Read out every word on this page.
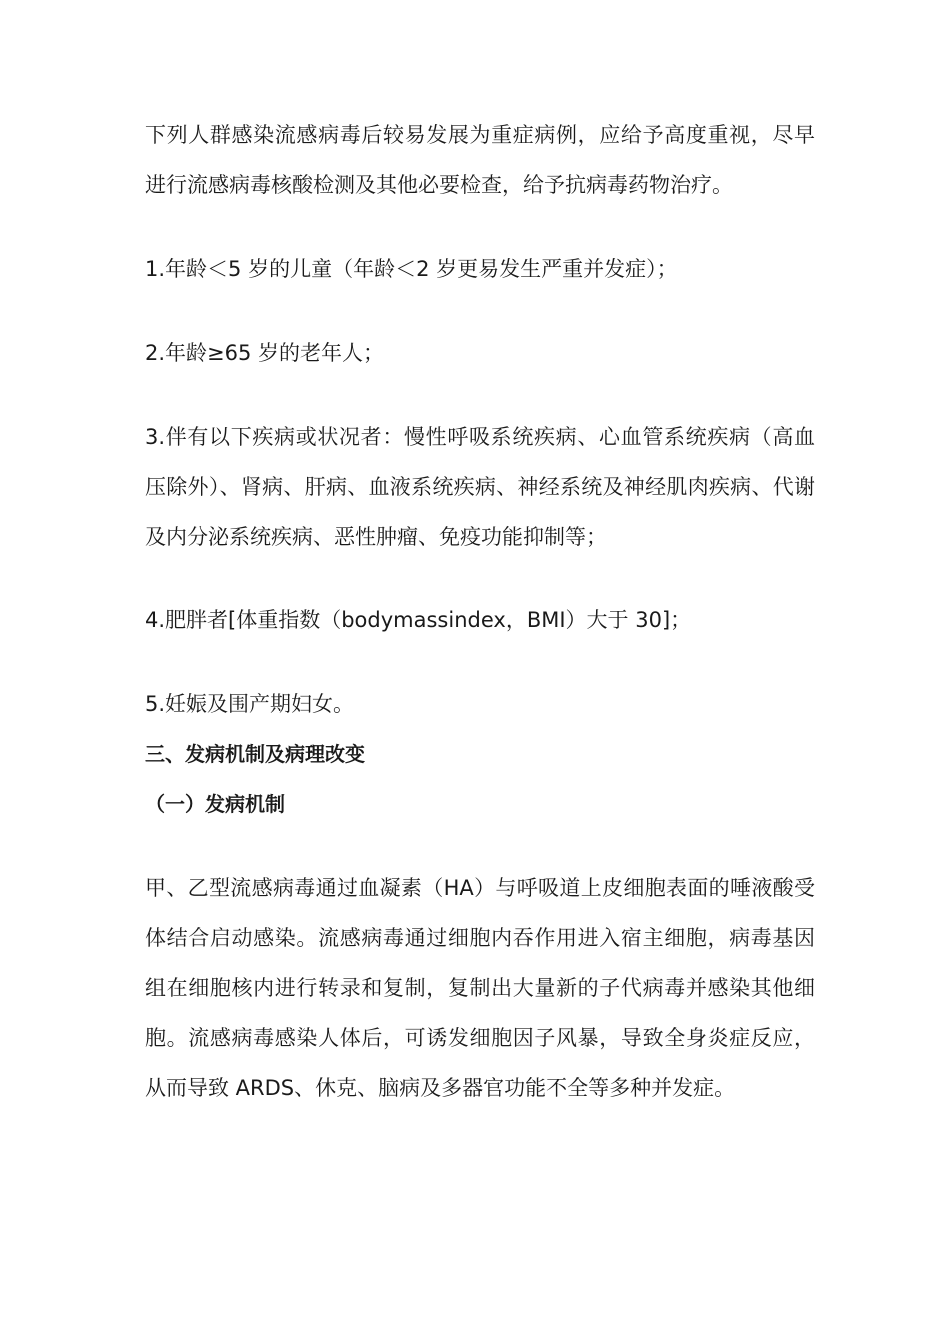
下列人群感染流感病毒后较易发展为重症病例，应给予高度重视，尽早进行流感病毒核酸检测及其他必要检查，给予抗病毒药物治疗。

1.年龄＜5 岁的儿童（年龄＜2 岁更易发生严重并发症）；

2.年龄≥65 岁的老年人；

3.伴有以下疾病或状况者：慢性呼吸系统疾病、心血管系统疾病（高血压除外）、肾病、肝病、血液系统疾病、神经系统及神经肌肉疾病、代谢及内分泌系统疾病、恶性肿瘤、免疫功能抑制等；

4.肥胖者[体重指数（bodymassindex，BMI）大于 30]；

5.妊娠及围产期妇女。

三、发病机制及病理改变
（一）发病机制

甲、乙型流感病毒通过血凝素（HA）与呼吸道上皮细胞表面的唾液酸受体结合启动感染。流感病毒通过细胞内吞作用进入宿主细胞，病毒基因组在细胞核内进行转录和复制，复制出大量新的子代病毒并感染其他细胞。流感病毒感染人体后，可诱发细胞因子风暴，导致全身炎症反应，从而导致 ARDS、休克、脑病及多器官功能不全等多种并发症。
